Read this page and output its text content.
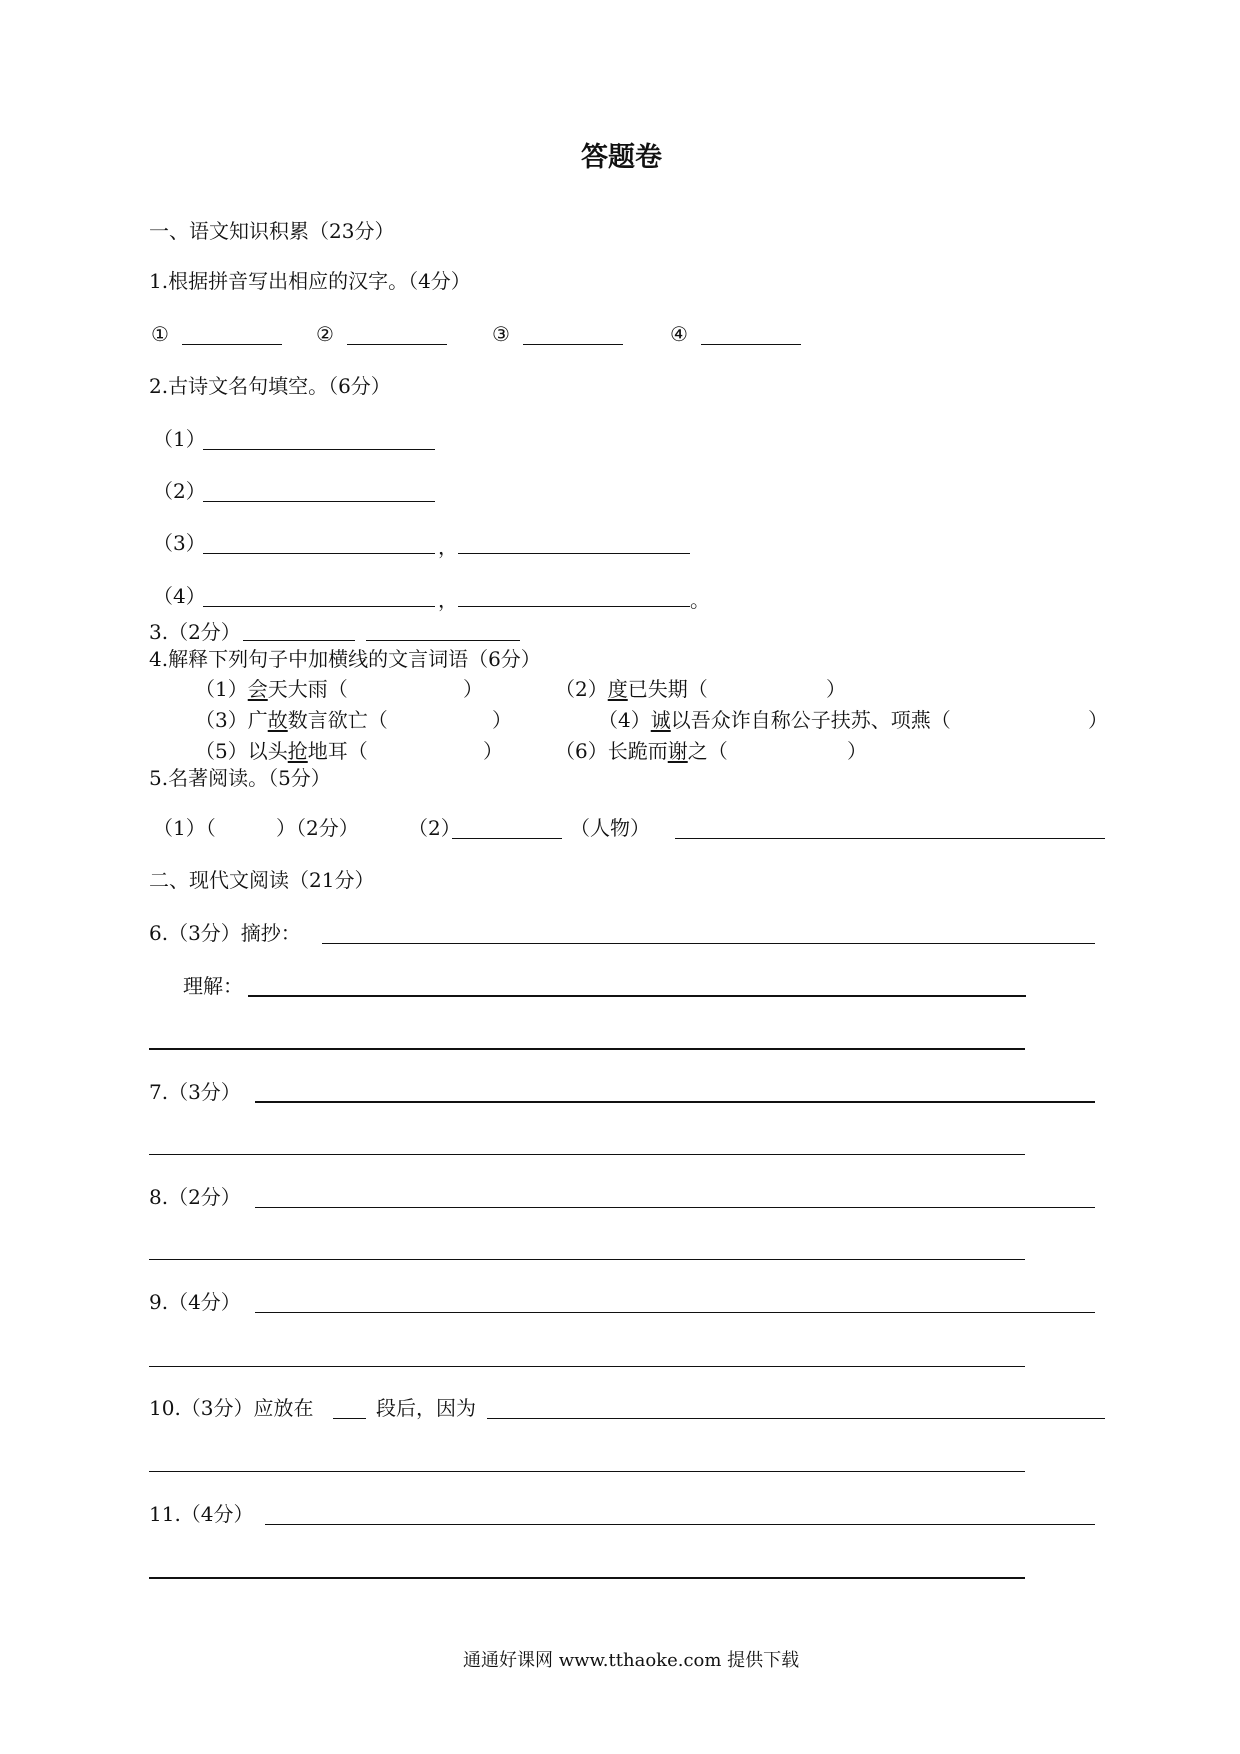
答题卷
一、语文知识积累（23分）
1.根据拼音写出相应的汉字。（4分）
①	②	③	④
2.古诗文名句填空。（6分）
（1）
（2）
（3）	，
（4）	，	。
3.（2分）
4.解释下列句子中加横线的文言词语（6分）
（1）会天大雨（	）	（2）度已失期（	）
（3）广故数言欲亡（	）	（4）诚以吾众诈自称公子扶苏、项燕（	）
（5）以头抢地耳（	）	（6）长跪而谢之（	）
5.名著阅读。（5分）
（1）（	）（2分） （2）	（人物）
二、现代文阅读（21分）
6.（3分）摘抄：
理解：
7.（3分）
8.（2分）
9.（4分）
10.（3分）应放在	段后，因为
11.（4分）
通通好课网 www.tthaoke.com 提供下载
